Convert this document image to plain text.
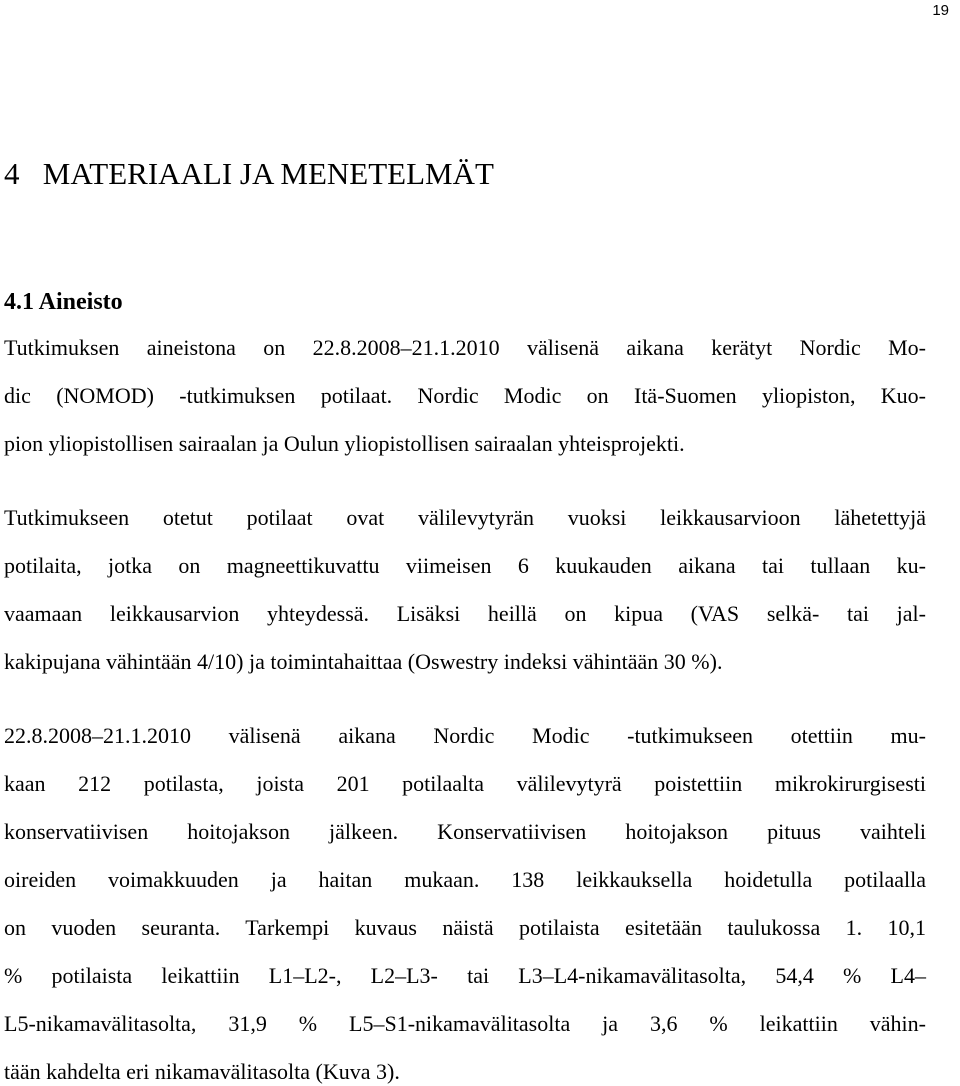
19
4   MATERIAALI JA MENETELMÄT
4.1 Aineisto
Tutkimuksen aineistona on 22.8.2008–21.1.2010 välisenä aikana kerätyt Nordic Mo-
dic (NOMOD) -tutkimuksen potilaat. Nordic Modic on Itä-Suomen yliopiston, Kuo-
pion yliopistollisen sairaalan ja Oulun yliopistollisen sairaalan yhteisprojekti.
Tutkimukseen otetut potilaat ovat välilevytyrän vuoksi leikkausarvioon lähetettyjä
potilaita, jotka on magneettikuvattu viimeisen 6 kuukauden aikana tai tullaan ku-
vaamaan leikkausarvion yhteydessä. Lisäksi heillä on kipua (VAS selkä- tai jal-
kakipujana vähintään 4/10) ja toimintahaittaa (Oswestry indeksi vähintään 30 %).
22.8.2008–21.1.2010 välisenä aikana Nordic Modic -tutkimukseen otettiin mu-
kaan 212 potilasta, joista 201 potilaalta välilevytyrä poistettiin mikrokirurgisesti
konservatiivisen hoitojakson jälkeen. Konservatiivisen hoitojakson pituus vaihteli
oireiden voimakkuuden ja haitan mukaan. 138 leikkauksella hoidetulla potilaalla
on vuoden seuranta. Tarkempi kuvaus näistä potilaista esitetään taulukossa 1. 10,1
% potilaista leikattiin L1–L2-, L2–L3- tai L3–L4-nikamavälitasolta, 54,4 % L4–
L5-nikamavälitasolta, 31,9 % L5–S1-nikamavälitasolta ja 3,6 % leikattiin vähin-
tään kahdelta eri nikamavälitasolta (Kuva 3).
